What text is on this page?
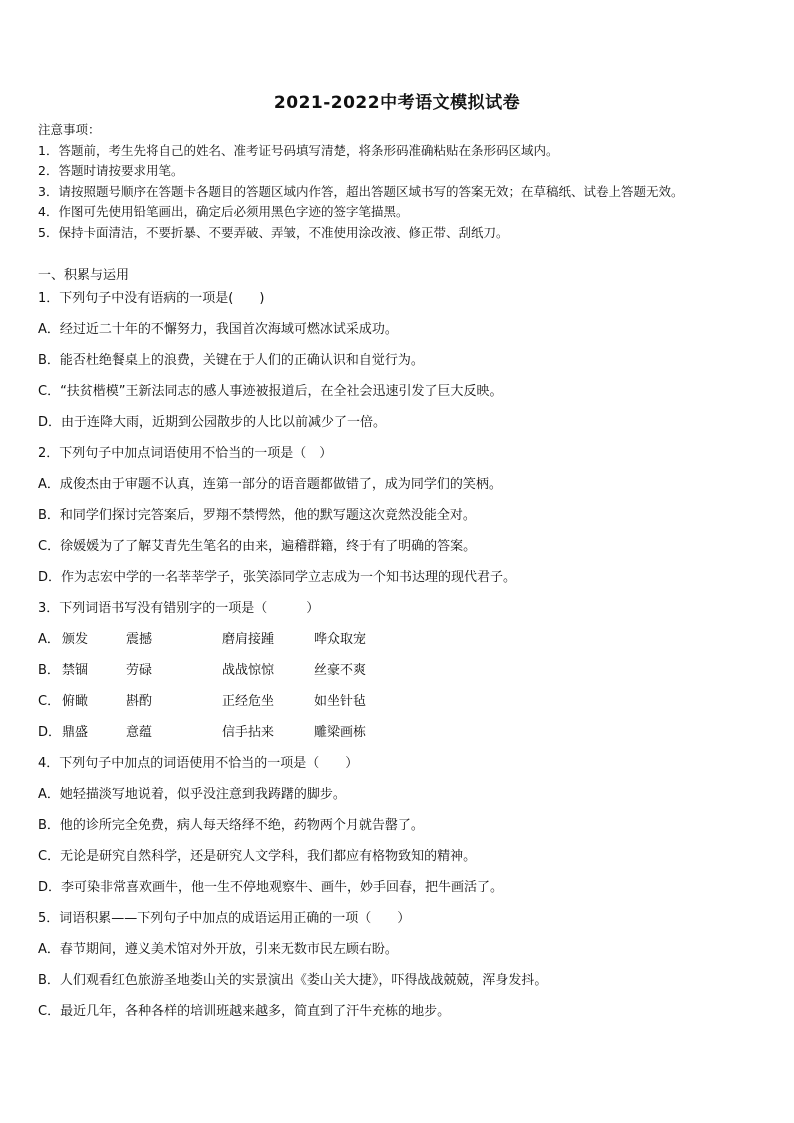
2021-2022中考语文模拟试卷
注意事项：
1．答题前，考生先将自己的姓名、准考证号码填写清楚，将条形码准确粘贴在条形码区域内。
2．答题时请按要求用笔。
3．请按照题号顺序在答题卡各题目的答题区域内作答，超出答题区域书写的答案无效；在草稿纸、试卷上答题无效。
4．作图可先使用铅笔画出，确定后必须用黑色字迹的签字笔描黑。
5．保持卡面清洁，不要折暴、不要弄破、弄皱，不准使用涂改液、修正带、刮纸刀。
一、积累与运用
1．下列句子中没有语病的一项是(　　)
A．经过近二十年的不懈努力，我国首次海域可燃冰试采成功。
B．能否杜绝餐桌上的浪费，关键在于人们的正确认识和自觉行为。
C．“扶贫楷模”王新法同志的感人事迹被报道后，在全社会迅速引发了巨大反映。
D．由于连降大雨，近期到公园散步的人比以前减少了一倍。
2．下列句子中加点词语使用不恰当的一项是（　）
A．成俊杰由于审题不认真，连第一部分的语音题都做错了，成为同学们的笑柄。
B．和同学们探讨完答案后，罗翔不禁愕然，他的默写题这次竟然没能全对。
C．徐媛媛为了了解艾青先生笔名的由来，遍稽群籍，终于有了明确的答案。
D．作为志宏中学的一名莘莘学子，张笑添同学立志成为一个知书达理的现代君子。
3．下列词语书写没有错别字的一项是（　　　）
A． 颁发	震撼	磨肩接踵	哗众取宠
B． 禁锢	劳碌	战战惊惊	丝豪不爽
C． 俯瞰	斟酌	正经危坐	如坐针毡
D． 鼎盛	意蕴	信手拈来	雕梁画栋
4．下列句子中加点的词语使用不恰当的一项是（　　）
A．她轻描淡写地说着，似乎没注意到我踌躇的脚步。
B．他的诊所完全免费，病人每天络绎不绝，药物两个月就告罄了。
C．无论是研究自然科学，还是研究人文学科，我们都应有格物致知的精神。
D．李可染非常喜欢画牛，他一生不停地观察牛、画牛，妙手回春，把牛画活了。
5．词语积累——下列句子中加点的成语运用正确的一项（　　）
A．春节期间，遵义美术馆对外开放，引来无数市民左顾右盼。
B．人们观看红色旅游圣地娄山关的实景演出《娄山关大捷》，吓得战战兢兢，浑身发抖。
C．最近几年，各种各样的培训班越来越多，简直到了汗牛充栋的地步。
